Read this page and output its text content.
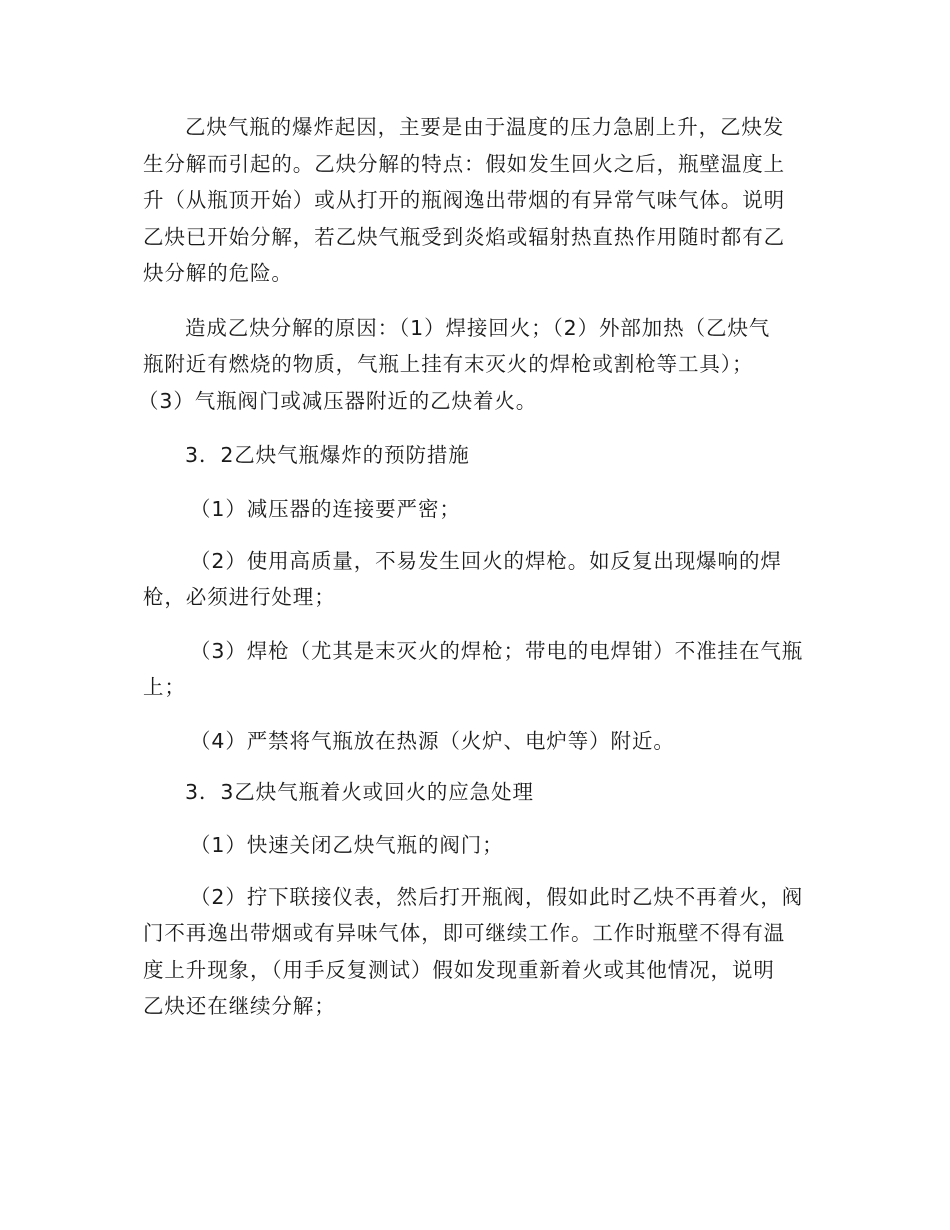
乙炔气瓶的爆炸起因，主要是由于温度的压力急剧上升，乙炔发
生分解而引起的。乙炔分解的特点：假如发生回火之后，瓶壁温度上
升（从瓶顶开始）或从打开的瓶阀逸出带烟的有异常气味气体。说明
乙炔已开始分解，若乙炔气瓶受到炎焰或辐射热直热作用随时都有乙
炔分解的危险。
造成乙炔分解的原因：（1）焊接回火；（2）外部加热（乙炔气
瓶附近有燃烧的物质，气瓶上挂有末灭火的焊枪或割枪等工具）；
（3）气瓶阀门或减压器附近的乙炔着火。
3．2乙炔气瓶爆炸的预防措施
（1）减压器的连接要严密；
（2）使用高质量，不易发生回火的焊枪。如反复出现爆响的焊
枪，必须进行处理；
（3）焊枪（尤其是末灭火的焊枪；带电的电焊钳）不准挂在气瓶
上；
（4）严禁将气瓶放在热源（火炉、电炉等）附近。
3．3乙炔气瓶着火或回火的应急处理
（1）快速关闭乙炔气瓶的阀门；
（2）拧下联接仪表，然后打开瓶阀，假如此时乙炔不再着火，阀
门不再逸出带烟或有异味气体，即可继续工作。工作时瓶壁不得有温
度上升现象，（用手反复测试）假如发现重新着火或其他情况，说明
乙炔还在继续分解；
